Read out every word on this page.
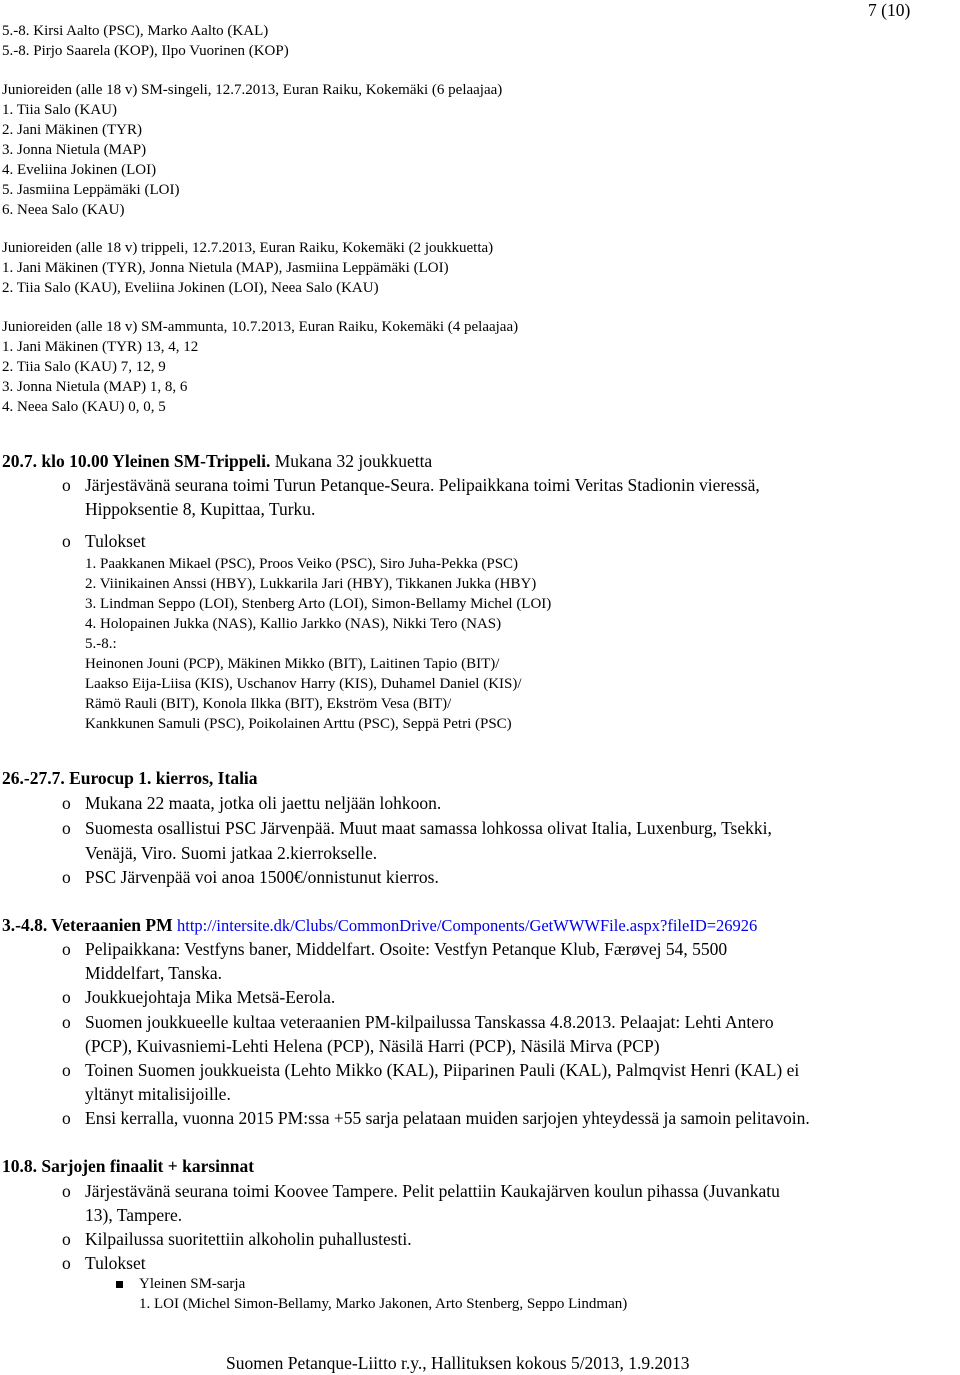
7 (10)
5.-8. Kirsi Aalto (PSC), Marko Aalto (KAL)
5.-8. Pirjo Saarela (KOP), Ilpo Vuorinen (KOP)
Junioreiden (alle 18 v) SM-singeli, 12.7.2013, Euran Raiku, Kokemäki (6 pelaajaa)
1. Tiia Salo (KAU)
2. Jani Mäkinen (TYR)
3. Jonna Nietula (MAP)
4. Eveliina Jokinen (LOI)
5. Jasmiina Leppämäki (LOI)
6. Neea Salo (KAU)
Junioreiden (alle 18 v) trippeli, 12.7.2013, Euran Raiku, Kokemäki (2 joukkuetta)
1. Jani Mäkinen (TYR), Jonna Nietula (MAP), Jasmiina Leppämäki (LOI)
2. Tiia Salo (KAU), Eveliina Jokinen (LOI), Neea Salo (KAU)
Junioreiden (alle 18 v) SM-ammunta, 10.7.2013, Euran Raiku, Kokemäki (4 pelaajaa)
1. Jani Mäkinen (TYR) 13, 4, 12
2. Tiia Salo (KAU) 7, 12, 9
3. Jonna Nietula (MAP) 1, 8, 6
4. Neea Salo (KAU) 0, 0, 5
20.7. klo 10.00 Yleinen SM-Trippeli. Mukana 32 joukkuetta
o Järjestävänä seurana toimi Turun Petanque-Seura. Pelipaikkana toimi Veritas Stadionin vieressä,
Hippoksentie 8, Kupittaa, Turku.
o Tulokset
1. Paakkanen Mikael (PSC), Proos Veiko (PSC), Siro Juha-Pekka (PSC)
2. Viinikainen Anssi (HBY), Lukkarila Jari (HBY), Tikkanen Jukka (HBY)
3. Lindman Seppo (LOI), Stenberg Arto (LOI), Simon-Bellamy Michel (LOI)
4. Holopainen Jukka (NAS), Kallio Jarkko (NAS), Nikki Tero (NAS)
5.-8.:
Heinonen Jouni (PCP), Mäkinen Mikko (BIT), Laitinen Tapio (BIT)/
Laakso Eija-Liisa (KIS), Uschanov Harry (KIS), Duhamel Daniel (KIS)/
Rämö Rauli (BIT), Konola Ilkka (BIT), Ekström Vesa (BIT)/
Kankkunen Samuli (PSC), Poikolainen Arttu (PSC), Seppä Petri (PSC)
26.-27.7. Eurocup 1. kierros, Italia
o Mukana 22 maata, jotka oli jaettu neljään lohkoon.
o Suomesta osallistui PSC Järvenpää. Muut maat samassa lohkossa olivat Italia, Luxenburg, Tsekki,
Venäjä, Viro. Suomi jatkaa 2.kierrokselle.
o PSC Järvenpää voi anoa 1500€/onnistunut kierros.
3.-4.8. Veteraanien PM http://intersite.dk/Clubs/CommonDrive/Components/GetWWWFile.aspx?fileID=26926
o Pelipaikkana: Vestfyns baner, Middelfart. Osoite: Vestfyn Petanque Klub, Færøvej 54, 5500
Middelfart, Tanska.
o Joukkuejohtaja Mika Metsä-Eerola.
o Suomen joukkueelle kultaa veteraanien PM-kilpailussa Tanskassa 4.8.2013. Pelaajat: Lehti Antero
(PCP), Kuivasniemi-Lehti Helena (PCP), Näsilä Harri (PCP), Näsilä Mirva (PCP)
o Toinen Suomen joukkueista (Lehto Mikko (KAL), Piiparinen Pauli (KAL), Palmqvist Henri (KAL) ei
yltänyt mitalisijoille.
o Ensi kerralla, vuonna 2015 PM:ssa +55 sarja pelataan muiden sarjojen yhteydessä ja samoin pelitavoin.
10.8. Sarjojen finaalit + karsinnat
o Järjestävänä seurana toimi Koovee Tampere. Pelit pelattiin Kaukajärven koulun pihassa (Juvankatu
13), Tampere.
o Kilpailussa suoritettiin alkoholin puhallustesti.
o Tulokset
Yleinen SM-sarja
1. LOI (Michel Simon-Bellamy, Marko Jakonen, Arto Stenberg, Seppo Lindman)
Suomen Petanque-Liitto r.y., Hallituksen kokous 5/2013, 1.9.2013
